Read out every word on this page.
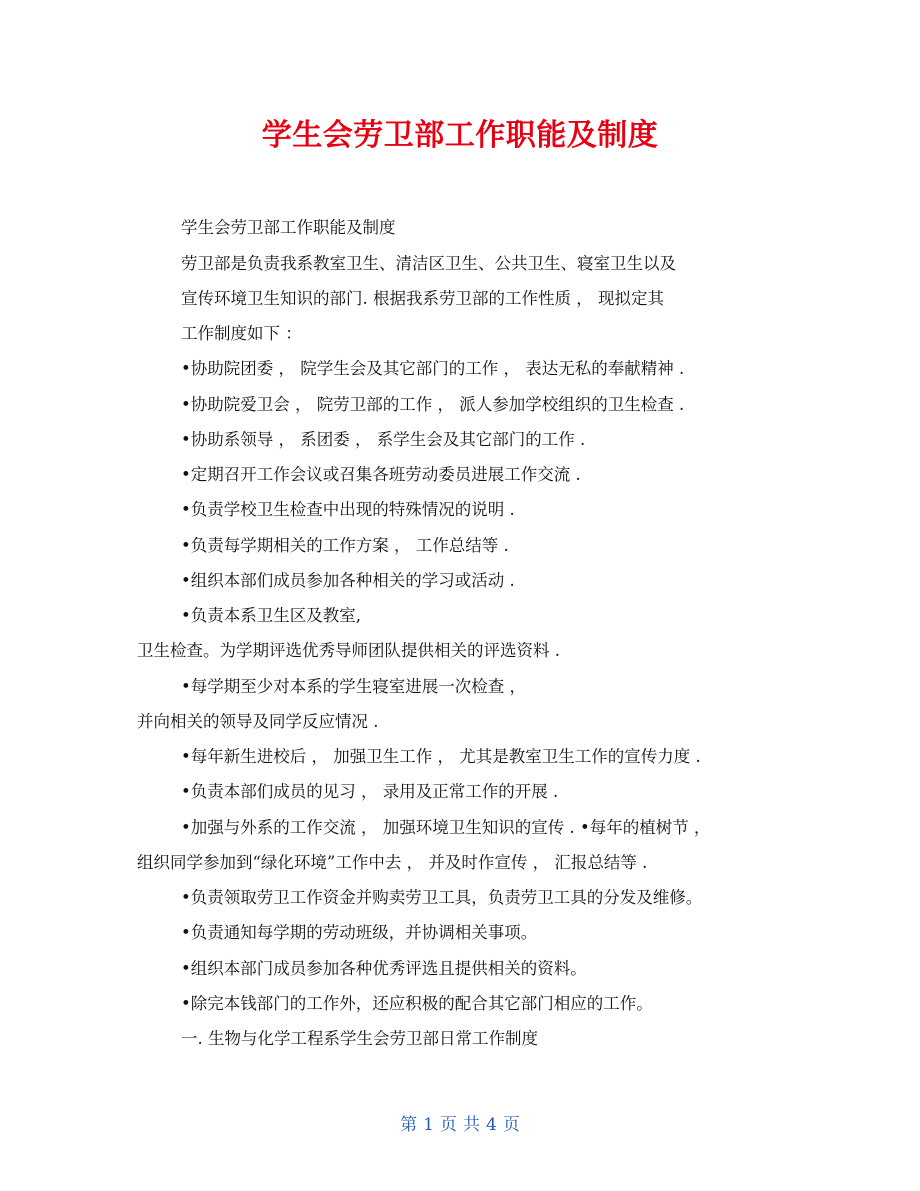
学生会劳卫部工作职能及制度
学生会劳卫部工作职能及制度
劳卫部是负责我系教室卫生、清洁区卫生、公共卫生、寝室卫生以及
宣传环境卫生知识的部门. 根据我系劳卫部的工作性质 ， 现拟定其
工作制度如下 ：
•协助院团委 ， 院学生会及其它部门的工作 ， 表达无私的奉献精神 .
•协助院爱卫会 ， 院劳卫部的工作 ， 派人参加学校组织的卫生检查 .
•协助系领导 ， 系团委 ， 系学生会及其它部门的工作 .
•定期召开工作会议或召集各班劳动委员进展工作交流 .
•负责学校卫生检查中出现的特殊情况的说明 .
•负责每学期相关的工作方案 ， 工作总结等 .
•组织本部们成员参加各种相关的学习或活动 .
•负责本系卫生区及教室,
卫生检查。为学期评选优秀导师团队提供相关的评选资料 .
•每学期至少对本系的学生寝室进展一次检查 ，
并向相关的领导及同学反应情况 .
•每年新生进校后 ， 加强卫生工作 ， 尤其是教室卫生工作的宣传力度 .
•负责本部们成员的见习 ， 录用及正常工作的开展 .
•加强与外系的工作交流 ， 加强环境卫生知识的宣传 . •每年的植树节 ，
组织同学参加到“绿化环境”工作中去 ， 并及时作宣传 ， 汇报总结等 .
•负责领取劳卫工作资金并购卖劳卫工具，负责劳卫工具的分发及维修。
•负责通知每学期的劳动班级，并协调相关事项。
•组织本部门成员参加各种优秀评选且提供相关的资料。
•除完本钱部门的工作外，还应积极的配合其它部门相应的工作。
一. 生物与化学工程系学生会劳卫部日常工作制度
第 1 页 共 4 页
